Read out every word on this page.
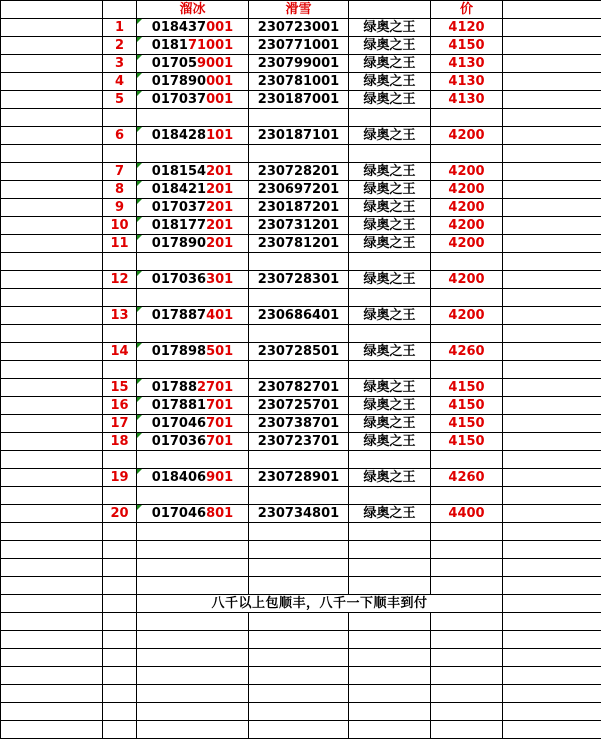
		溜冰	滑雪		价	
	1	018437001	230723001	绿奥之王	4120	
	2	018171001	230771001	绿奥之王	4150	
	3	017059001	230799001	绿奥之王	4130	
	4	017890001	230781001	绿奥之王	4130	
	5	017037001	230187001	绿奥之王	4130	

	6	018428101	230187101	绿奥之王	4200	

	7	018154201	230728201	绿奥之王	4200	
	8	018421201	230697201	绿奥之王	4200	
	9	017037201	230187201	绿奥之王	4200	
	10	018177201	230731201	绿奥之王	4200	
	11	017890201	230781201	绿奥之王	4200	

	12	017036301	230728301	绿奥之王	4200	

	13	017887401	230686401	绿奥之王	4200	

	14	017898501	230728501	绿奥之王	4260	

	15	017882701	230782701	绿奥之王	4150	
	16	017881701	230725701	绿奥之王	4150	
	17	017046701	230738701	绿奥之王	4150	
	18	017036701	230723701	绿奥之王	4150	

	19	018406901	230728901	绿奥之王	4260	

	20	017046801	230734801	绿奥之王	4400	

		八千以上包顺丰，八千一下顺丰到付				
